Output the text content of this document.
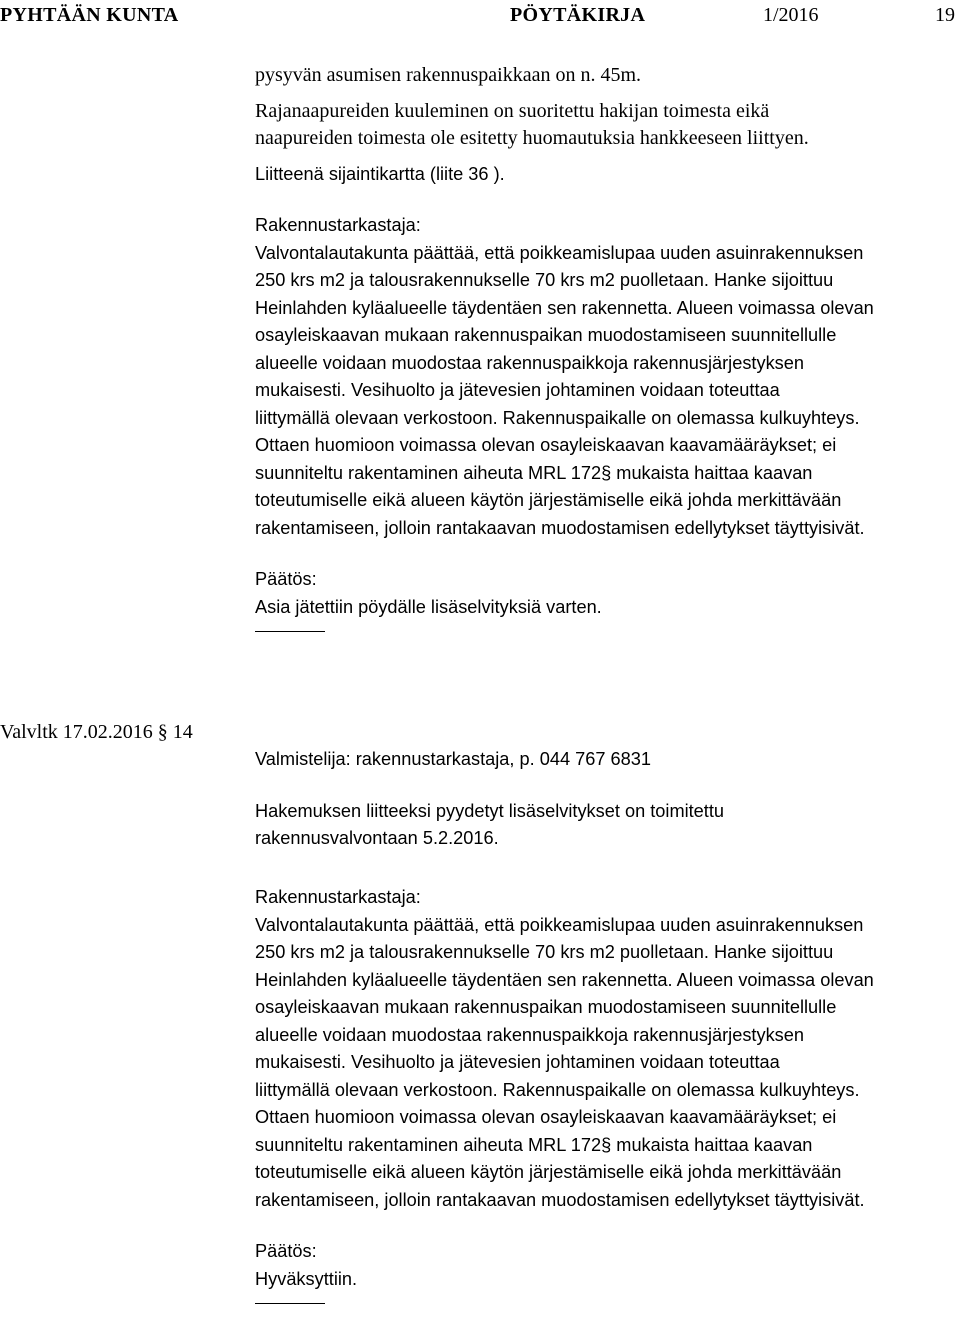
PYHTÄÄN KUNTA	PÖYTÄKIRJA	1/2016	19

pysyvän asumisen rakennuspaikkaan on n. 45m.

Rajanaapureiden kuuleminen on suoritettu hakijan toimesta eikä

naapureiden toimesta ole esitetty huomautuksia hankkeeseen liittyen.

Liitteenä sijaintikartta (liite 36 ).

Rakennustarkastaja:

Valvontalautakunta päättää, että poikkeamislupaa uuden asuinrakennuksen

250 krs m2 ja talousrakennukselle 70 krs m2 puolletaan. Hanke sijoittuu

Heinlahden kyläalueelle täydentäen sen rakennetta. Alueen voimassa olevan

osayleiskaavan mukaan rakennuspaikan muodostamiseen suunnitellulle

alueelle voidaan muodostaa rakennuspaikkoja rakennusjärjestyksen

mukaisesti. Vesihuolto ja jätevesien johtaminen voidaan toteuttaa

liittymällä olevaan verkostoon. Rakennuspaikalle on olemassa kulkuyhteys.

Ottaen huomioon voimassa olevan osayleiskaavan kaavamääräykset; ei

suunniteltu rakentaminen aiheuta MRL 172§ mukaista haittaa kaavan

toteutumiselle eikä alueen käytön järjestämiselle eikä johda merkittävään

rakentamiseen, jolloin rantakaavan muodostamisen edellytykset täyttyisivät.

Päätös:

Asia jätettiin pöydälle lisäselvityksiä varten.

Valvltk 17.02.2016 § 14

Valmistelija: rakennustarkastaja, p. 044 767 6831

Hakemuksen liitteeksi pyydetyt lisäselvitykset on toimitettu

rakennusvalvontaan 5.2.2016.

Rakennustarkastaja:

Valvontalautakunta päättää, että poikkeamislupaa uuden asuinrakennuksen

250 krs m2 ja talousrakennukselle 70 krs m2 puolletaan. Hanke sijoittuu

Heinlahden kyläalueelle täydentäen sen rakennetta. Alueen voimassa olevan

osayleiskaavan mukaan rakennuspaikan muodostamiseen suunnitellulle

alueelle voidaan muodostaa rakennuspaikkoja rakennusjärjestyksen

mukaisesti. Vesihuolto ja jätevesien johtaminen voidaan toteuttaa

liittymällä olevaan verkostoon. Rakennuspaikalle on olemassa kulkuyhteys.

Ottaen huomioon voimassa olevan osayleiskaavan kaavamääräykset; ei

suunniteltu rakentaminen aiheuta MRL 172§ mukaista haittaa kaavan

toteutumiselle eikä alueen käytön järjestämiselle eikä johda merkittävään

rakentamiseen, jolloin rantakaavan muodostamisen edellytykset täyttyisivät.

Päätös:

Hyväksyttiin.
